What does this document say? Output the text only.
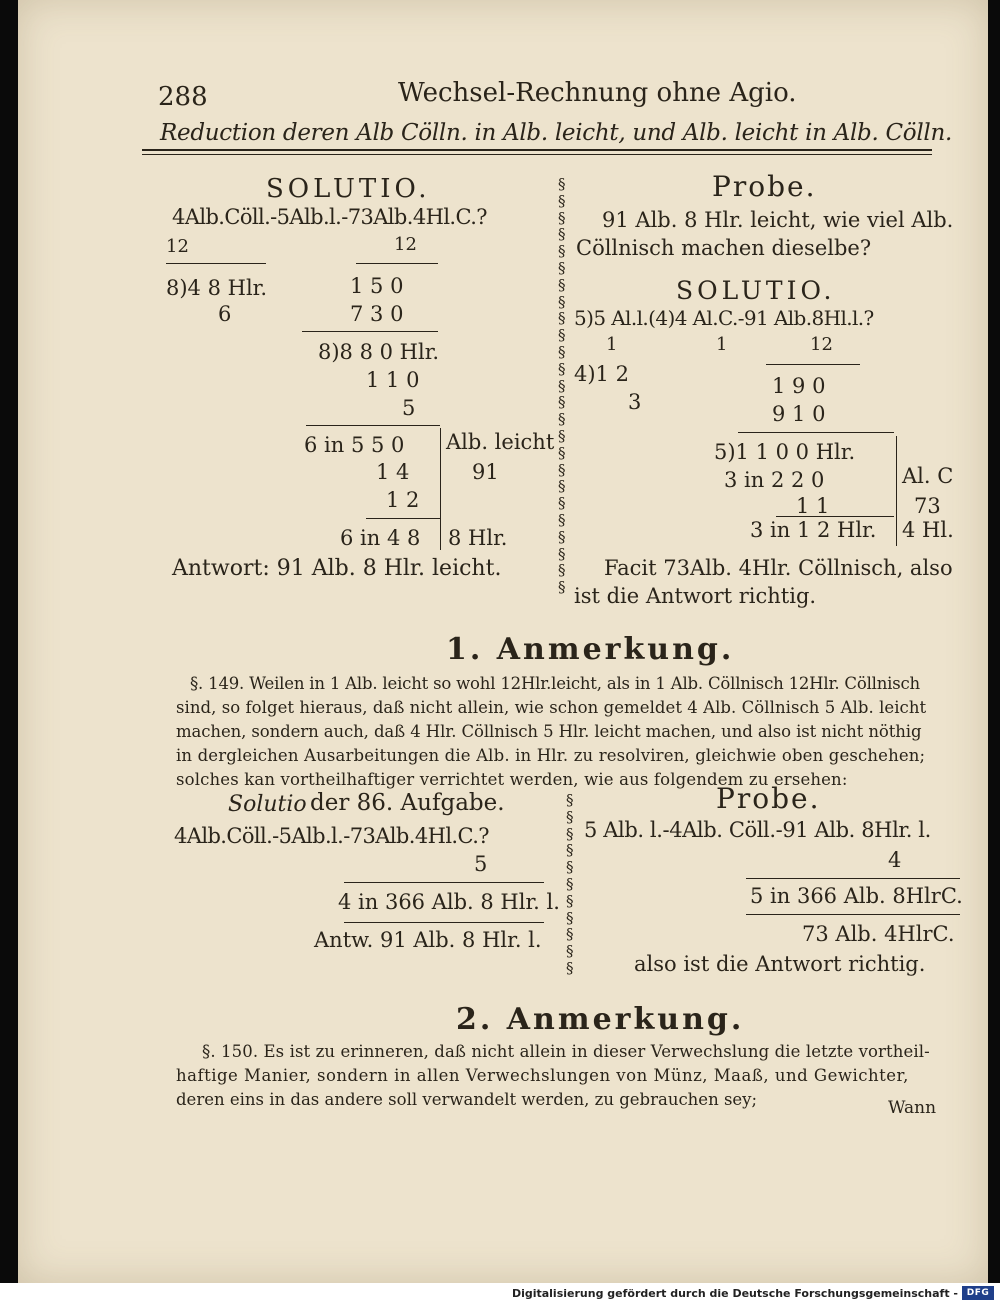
288	Wechsel-Rechnung ohne Agio.
Reduction deren Alb Cölln. in Alb. leicht, und Alb. leicht in Alb. Cölln.
SOLUTIO.
4Alb.Cöll.-5Alb.l.-73Alb.4Hl.C.?
12	12
8)4 8 Hlr.
6
1 5 0
7 3 0
8)8 8 0 Hlr.
1 1 0
5
6 in 5 5 0 Alb. leicht
1 4	91
1 2
6 in 4 8 8 Hlr.
Antwort: 91 Alb. 8 Hlr. leicht.
§
§
§
§
§
§
§
§
§
§
§
§
§
§
§
§
§
§
§
§
§
§
§
§
§

Probe.
91 Alb. 8 Hlr. leicht, wie viel Alb.
Cöllnisch machen dieselbe?
SOLUTIO.
5)5 Al.l.(4)4 Al.C.-91 Alb.8Hl.l.?
1	1	12
4)1 2
3
1 9 0
9 1 0
5)1 1 0 0 Hlr.
3 in 2 2 0	Al. C
1 1	73
3 in 1 2 Hlr. 4 Hl.
Facit 73Alb. 4Hlr. Cöllnisch, also
ist die Antwort richtig.
1. Anmerkung.
§. 149. Weilen in 1 Alb. leicht so wohl 12Hlr.leicht, als in 1 Alb. Cöllnisch 12Hlr. Cöllnisch
sind, so folget hieraus, daß nicht allein, wie schon gemeldet 4 Alb. Cöllnisch 5 Alb. leicht
machen, sondern auch, daß 4 Hlr. Cöllnisch 5 Hlr. leicht machen, und also ist nicht nöthig
in dergleichen Ausarbeitungen die Alb. in Hlr. zu resolviren, gleichwie oben geschehen;
solches kan vortheilhaftiger verrichtet werden, wie aus folgendem zu ersehen:
Solutio der 86. Aufgabe.
4Alb.Cöll.-5Alb.l.-73Alb.4Hl.C.?
5
4 in 366 Alb. 8 Hlr. l.
Antw. 91 Alb. 8 Hlr. l.
§
§
§
§
§
§
§
§
§
§
§

Probe.
5 Alb. l.-4Alb. Cöll.-91 Alb. 8Hlr. l.
4
5 in 366 Alb. 8HlrC.
73 Alb. 4HlrC.
also ist die Antwort richtig.
2. Anmerkung.
§. 150. Es ist zu erinneren, daß nicht allein in dieser Verwechslung die letzte vortheil-
haftige Manier, sondern in allen Verwechslungen von Münz, Maaß, und Gewichter,
deren eins in das andere soll verwandelt werden, zu gebrauchen sey;	Wann
Digitalisierung gefördert durch die Deutsche Forschungsgemeinschaft - DFG
